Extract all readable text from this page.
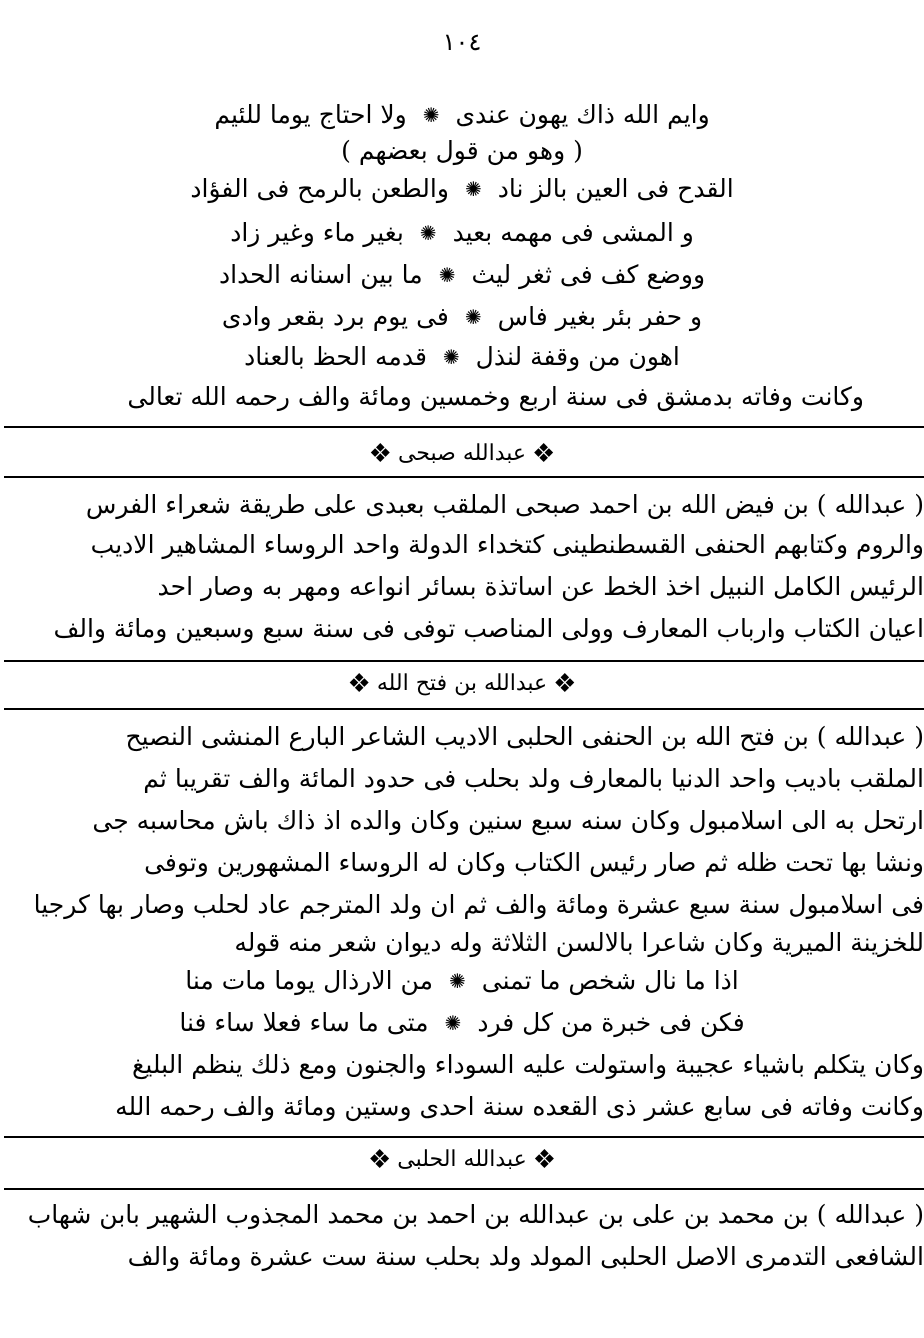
١٠٤
وايم الله ذاك يهون عندى
✺
ولا احتاج يوما للئيم
( وهو من قول بعضهم )
القدح فى العين بالز ناد
✺
والطعن بالرمح فى الفؤاد
و المشى فى مهمه بعيد
✺
بغير ماء وغير زاد
ووضع كف فى ثغر ليث
✺
ما بين اسنانه الحداد
و حفر بئر بغير فاس
✺
فى يوم برد بقعر وادى
اهون من وقفة لنذل
✺
قدمه الحظ بالعناد
وكانت وفاته بدمشق فى سنة اربع وخمسين ومائة والف رحمه الله تعالى
❖عبدالله صبحى❖
( عبدالله ) بن فيض الله بن احمد صبحى الملقب بعبدى على طريقة شعراء الفرس
والروم وكتابهم الحنفى القسطنطينى كتخداء الدولة واحد الروساء المشاهير الاديب
الرئيس الكامل النبيل اخذ الخط عن اساتذة بسائر انواعه ومهر به وصار احد
اعيان الكتاب وارباب المعارف وولى المناصب توفى فى سنة سبع وسبعين ومائة والف
❖عبدالله بن فتح الله❖
( عبدالله ) بن فتح الله بن الحنفى الحلبى الاديب الشاعر البارع المنشى النصيح
الملقب باديب واحد الدنيا بالمعارف ولد بحلب فى حدود المائة والف تقريبا ثم
ارتحل به الى اسلامبول وكان سنه سبع سنين وكان والده اذ ذاك باش محاسبه جى
ونشا بها تحت ظله ثم صار رئيس الكتاب وكان له الروساء المشهورين وتوفى
فى اسلامبول سنة سبع عشرة ومائة والف ثم ان ولد المترجم عاد لحلب وصار بها كرجيا
للخزينة الميرية وكان شاعرا بالالسن الثلاثة وله ديوان شعر منه قوله
اذا ما نال شخص ما تمنى
✺
من الارذال يوما مات منا
فكن فى خبرة من كل فرد
✺
متى ما ساء فعلا ساء فنا
وكان يتكلم باشياء عجيبة واستولت عليه السوداء والجنون ومع ذلك ينظم البليغ
وكانت وفاته فى سابع عشر ذى القعده سنة احدى وستين ومائة والف رحمه الله
❖عبدالله الحلبى❖
( عبدالله ) بن محمد بن على بن عبدالله بن احمد بن محمد المجذوب الشهير بابن شهاب
الشافعى التدمرى الاصل الحلبى المولد ولد بحلب سنة ست عشرة ومائة والف
